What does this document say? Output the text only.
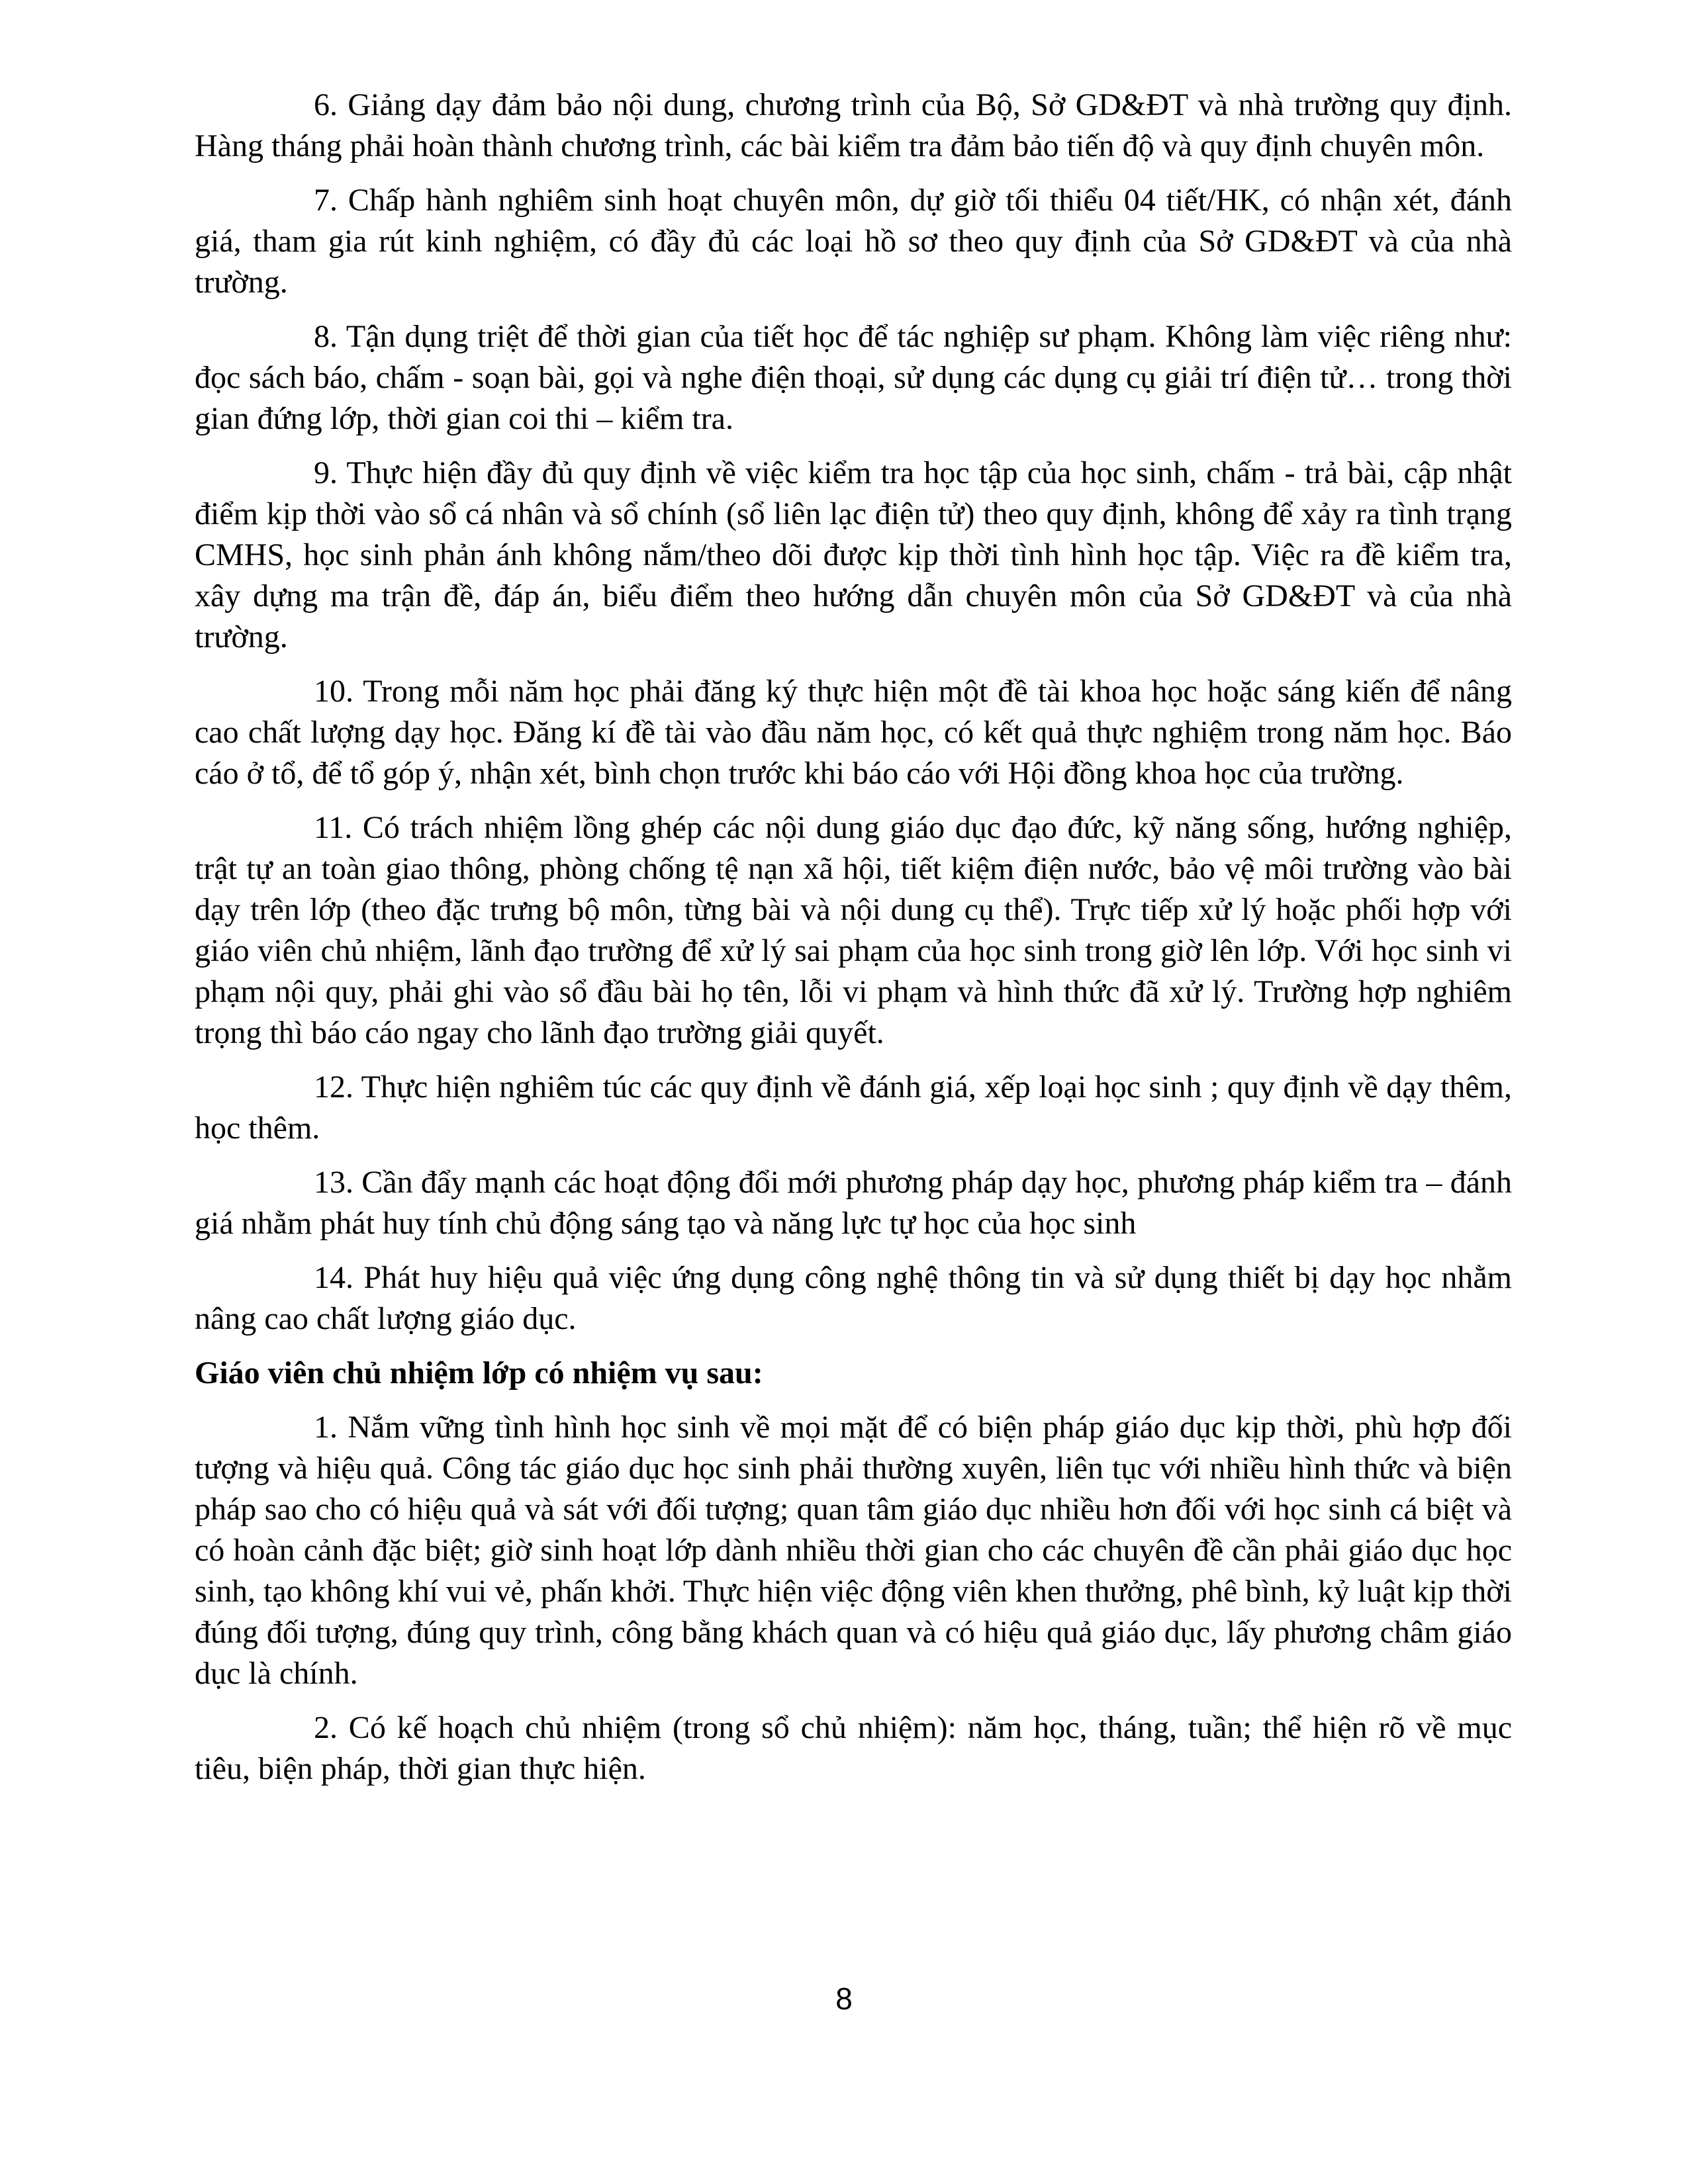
6. Giảng dạy đảm bảo nội dung, chương trình của Bộ, Sở GD&ĐT và nhà trường quy định. Hàng tháng phải hoàn thành chương trình, các bài kiểm tra đảm bảo tiến độ và quy định chuyên môn.

7. Chấp hành nghiêm sinh hoạt chuyên môn, dự giờ tối thiểu 04 tiết/HK, có nhận xét, đánh giá, tham gia rút kinh nghiệm, có đầy đủ các loại hồ sơ theo quy định của Sở GD&ĐT và của nhà trường.

8. Tận dụng triệt để thời gian của tiết học để tác nghiệp sư phạm. Không làm việc riêng như: đọc sách báo, chấm - soạn bài, gọi và nghe điện thoại, sử dụng các dụng cụ giải trí điện tử… trong thời gian đứng lớp, thời gian coi thi – kiểm tra.

9. Thực hiện đầy đủ quy định về việc kiểm tra học tập của học sinh, chấm - trả bài, cập nhật điểm kịp thời vào sổ cá nhân và sổ chính (sổ liên lạc điện tử) theo quy định, không để xảy ra tình trạng CMHS, học sinh phản ánh không nắm/theo dõi được kịp thời tình hình học tập. Việc ra đề kiểm tra, xây dựng ma trận đề, đáp án, biểu điểm theo hướng dẫn chuyên môn của Sở GD&ĐT và của nhà trường.

10. Trong mỗi năm học phải đăng ký thực hiện một đề tài khoa học hoặc sáng kiến để nâng cao chất lượng dạy học. Đăng kí đề tài vào đầu năm học, có kết quả thực nghiệm trong năm học. Báo cáo ở tổ, để tổ góp ý, nhận xét, bình chọn trước khi báo cáo với Hội đồng khoa học của trường.

11. Có trách nhiệm lồng ghép các nội dung giáo dục đạo đức, kỹ năng sống, hướng nghiệp, trật tự an toàn giao thông, phòng chống tệ nạn xã hội, tiết kiệm điện nước, bảo vệ môi trường vào bài dạy trên lớp (theo đặc trưng bộ môn, từng bài và nội dung cụ thể). Trực tiếp xử lý hoặc phối hợp với giáo viên chủ nhiệm, lãnh đạo trường để xử lý sai phạm của học sinh trong giờ lên lớp. Với học sinh vi phạm nội quy, phải ghi vào sổ đầu bài họ tên, lỗi vi phạm và hình thức đã xử lý. Trường hợp nghiêm trọng thì báo cáo ngay cho lãnh đạo trường giải quyết.

12. Thực hiện nghiêm túc các quy định về đánh giá, xếp loại học sinh ; quy định về dạy thêm, học thêm.

13. Cần đẩy mạnh các hoạt động đổi mới phương pháp dạy học, phương pháp kiểm tra – đánh giá nhằm phát huy tính chủ động sáng tạo và năng lực tự học của học sinh

14. Phát huy hiệu quả việc ứng dụng công nghệ thông tin và sử dụng thiết bị dạy học nhằm nâng cao chất lượng giáo dục.

Giáo viên chủ nhiệm lớp có nhiệm vụ sau:

1. Nắm vững tình hình học sinh về mọi mặt để có biện pháp giáo dục kịp thời, phù hợp đối tượng và hiệu quả. Công tác giáo dục học sinh phải thường xuyên, liên tục với nhiều hình thức và biện pháp sao cho có hiệu quả và sát với đối tượng; quan tâm giáo dục nhiều hơn đối với học sinh cá biệt và có hoàn cảnh đặc biệt; giờ sinh hoạt lớp dành nhiều thời gian cho các chuyên đề cần phải giáo dục học sinh, tạo không khí vui vẻ, phấn khởi. Thực hiện việc động viên khen thưởng, phê bình, kỷ luật kịp thời đúng đối tượng, đúng quy trình, công bằng khách quan và có hiệu quả giáo dục, lấy phương châm giáo dục là chính.

2. Có kế hoạch chủ nhiệm (trong sổ chủ nhiệm): năm học, tháng, tuần; thể hiện rõ về mục tiêu, biện pháp, thời gian thực hiện.

8
